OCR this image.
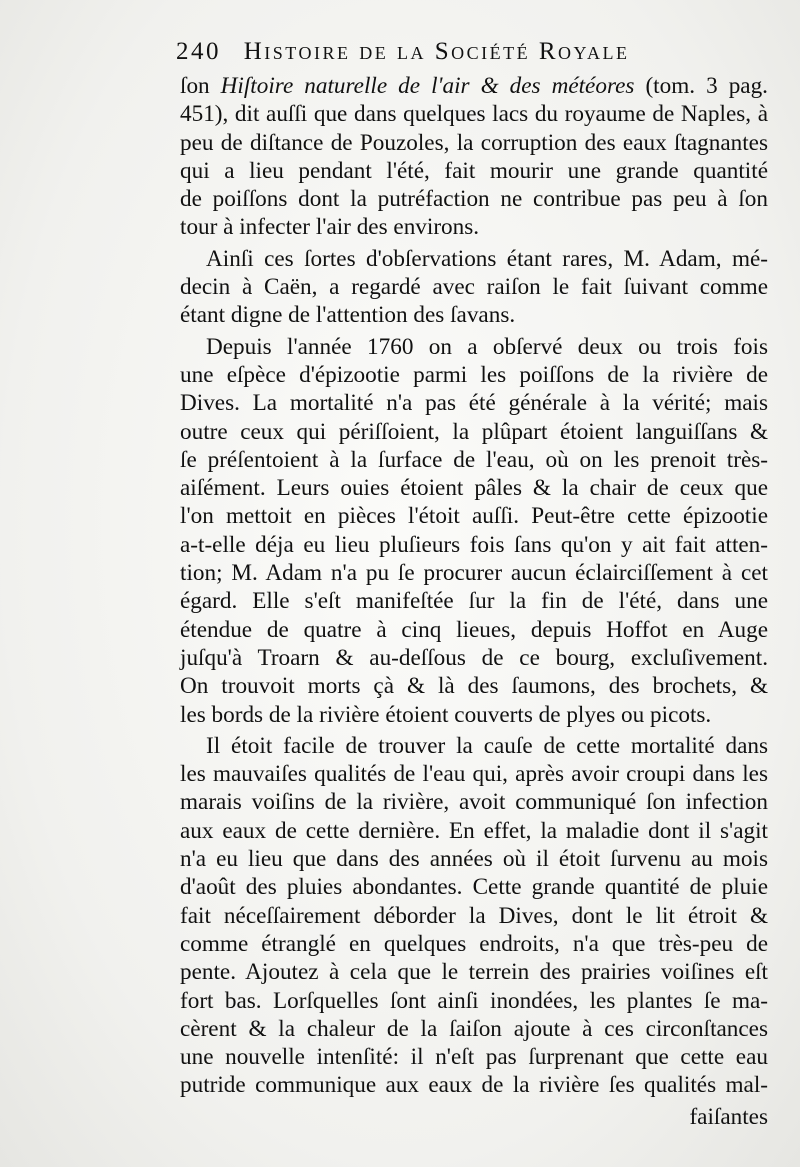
240 Histoire de la Société Royale
ſon Hiſtoire naturelle de l'air & des météores (tom. 3 pag.
451), dit auſſi que dans quelques lacs du royaume de Naples, à
peu de diſtance de Pouzoles, la corruption des eaux ſtagnantes
qui a lieu pendant l'été, fait mourir une grande quantité
de poiſſons dont la putréfaction ne contribue pas peu à ſon
tour à infecter l'air des environs.
Ainſi ces ſortes d'obſervations étant rares, M. Adam, mé-
decin à Caën, a regardé avec raiſon le fait ſuivant comme
étant digne de l'attention des ſavans.
Depuis l'année 1760 on a obſervé deux ou trois fois
une eſpèce d'épizootie parmi les poiſſons de la rivière de
Dives. La mortalité n'a pas été générale à la vérité; mais
outre ceux qui périſſoient, la plûpart étoient languiſſans &
ſe préſentoient à la ſurface de l'eau, où on les prenoit très-
aiſément. Leurs ouies étoient pâles & la chair de ceux que
l'on mettoit en pièces l'étoit auſſi. Peut-être cette épizootie
a-t-elle déja eu lieu pluſieurs fois ſans qu'on y ait fait atten-
tion; M. Adam n'a pu ſe procurer aucun éclairciſſement à cet
égard. Elle s'eſt manifeſtée ſur la fin de l'été, dans une
étendue de quatre à cinq lieues, depuis Hoffot en Auge
juſqu'à Troarn & au-deſſous de ce bourg, excluſivement.
On trouvoit morts çà & là des ſaumons, des brochets, &
les bords de la rivière étoient couverts de plyes ou picots.
Il étoit facile de trouver la cauſe de cette mortalité dans
les mauvaiſes qualités de l'eau qui, après avoir croupi dans les
marais voiſins de la rivière, avoit communiqué ſon infection
aux eaux de cette dernière. En effet, la maladie dont il s'agit
n'a eu lieu que dans des années où il étoit ſurvenu au mois
d'août des pluies abondantes. Cette grande quantité de pluie
fait néceſſairement déborder la Dives, dont le lit étroit &
comme étranglé en quelques endroits, n'a que très-peu de
pente. Ajoutez à cela que le terrein des prairies voiſines eſt
fort bas. Lorſquelles ſont ainſi inondées, les plantes ſe ma-
cèrent & la chaleur de la ſaiſon ajoute à ces circonſtances
une nouvelle intenſité: il n'eſt pas ſurprenant que cette eau
putride communique aux eaux de la rivière ſes qualités mal-
faiſantes
